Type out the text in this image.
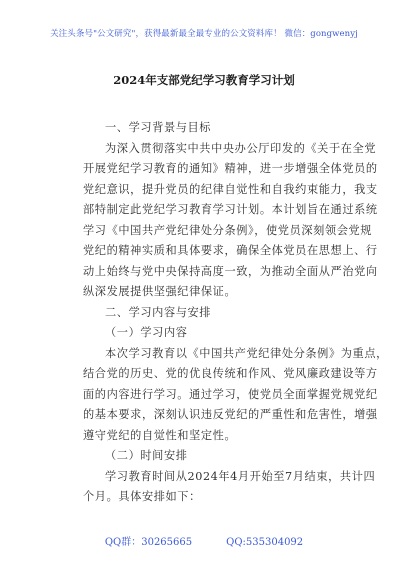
关注头条号"公文研究"，获得最新最全最专业的公文资料库！ 微信：gongwenyj
2024年支部党纪学习教育学习计划
一、学习背景与目标
为深入贯彻落实中共中央办公厅印发的《关于在全党
开展党纪学习教育的通知》精神，进一步增强全体党员的
党纪意识，提升党员的纪律自觉性和自我约束能力，我支
部特制定此党纪学习教育学习计划。本计划旨在通过系统
学习《中国共产党纪律处分条例》，使党员深刻领会党规
党纪的精神实质和具体要求，确保全体党员在思想上、行
动上始终与党中央保持高度一致，为推动全面从严治党向
纵深发展提供坚强纪律保证。
二、学习内容与安排
（一）学习内容
本次学习教育以《中国共产党纪律处分条例》为重点，
结合党的历史、党的优良传统和作风、党风廉政建设等方
面的内容进行学习。通过学习，使党员全面掌握党规党纪
的基本要求，深刻认识违反党纪的严重性和危害性，增强
遵守党纪的自觉性和坚定性。
（二）时间安排
学习教育时间从2024年4月开始至7月结束，共计四
个月。具体安排如下：
QQ群：30265665	QQ:535304092
